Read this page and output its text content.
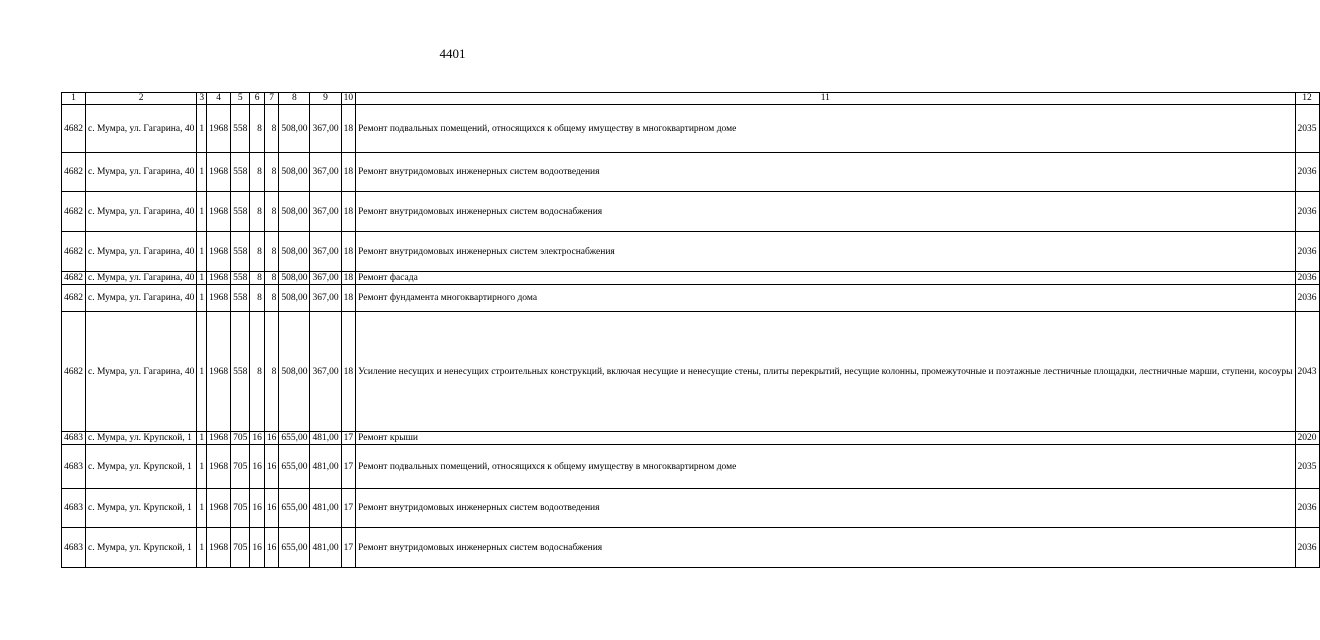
4401
1	2	3	4	5	6	7	8	9	10	11	12
4682	с. Мумра, ул. Гагарина, 40	1	1968	558	8	8	508,00	367,00	18	Ремонт подвальных помещений, относящихся к общему имуществу в многоквартирном доме	2035
4682	с. Мумра, ул. Гагарина, 40	1	1968	558	8	8	508,00	367,00	18	Ремонт внутридомовых инженерных систем водоотведения	2036
4682	с. Мумра, ул. Гагарина, 40	1	1968	558	8	8	508,00	367,00	18	Ремонт внутридомовых инженерных систем водоснабжения	2036
4682	с. Мумра, ул. Гагарина, 40	1	1968	558	8	8	508,00	367,00	18	Ремонт внутридомовых инженерных систем электроснабжения	2036
4682	с. Мумра, ул. Гагарина, 40	1	1968	558	8	8	508,00	367,00	18	Ремонт фасада	2036
4682	с. Мумра, ул. Гагарина, 40	1	1968	558	8	8	508,00	367,00	18	Ремонт фундамента многоквартирного дома	2036
4682	с. Мумра, ул. Гагарина, 40	1	1968	558	8	8	508,00	367,00	18	Усиление несущих и ненесущих строительных конструкций, включая несущие и ненесущие стены, плиты перекрытий, несущие колонны, промежуточные и поэтажные лестничные площадки, лестничные марши, ступени, косоуры	2043
4683	с. Мумра, ул. Крупской, 1	1	1968	705	16	16	655,00	481,00	17	Ремонт крыши	2020
4683	с. Мумра, ул. Крупской, 1	1	1968	705	16	16	655,00	481,00	17	Ремонт подвальных помещений, относящихся к общему имуществу в многоквартирном доме	2035
4683	с. Мумра, ул. Крупской, 1	1	1968	705	16	16	655,00	481,00	17	Ремонт внутридомовых инженерных систем водоотведения	2036
4683	с. Мумра, ул. Крупской, 1	1	1968	705	16	16	655,00	481,00	17	Ремонт внутридомовых инженерных систем водоснабжения	2036
